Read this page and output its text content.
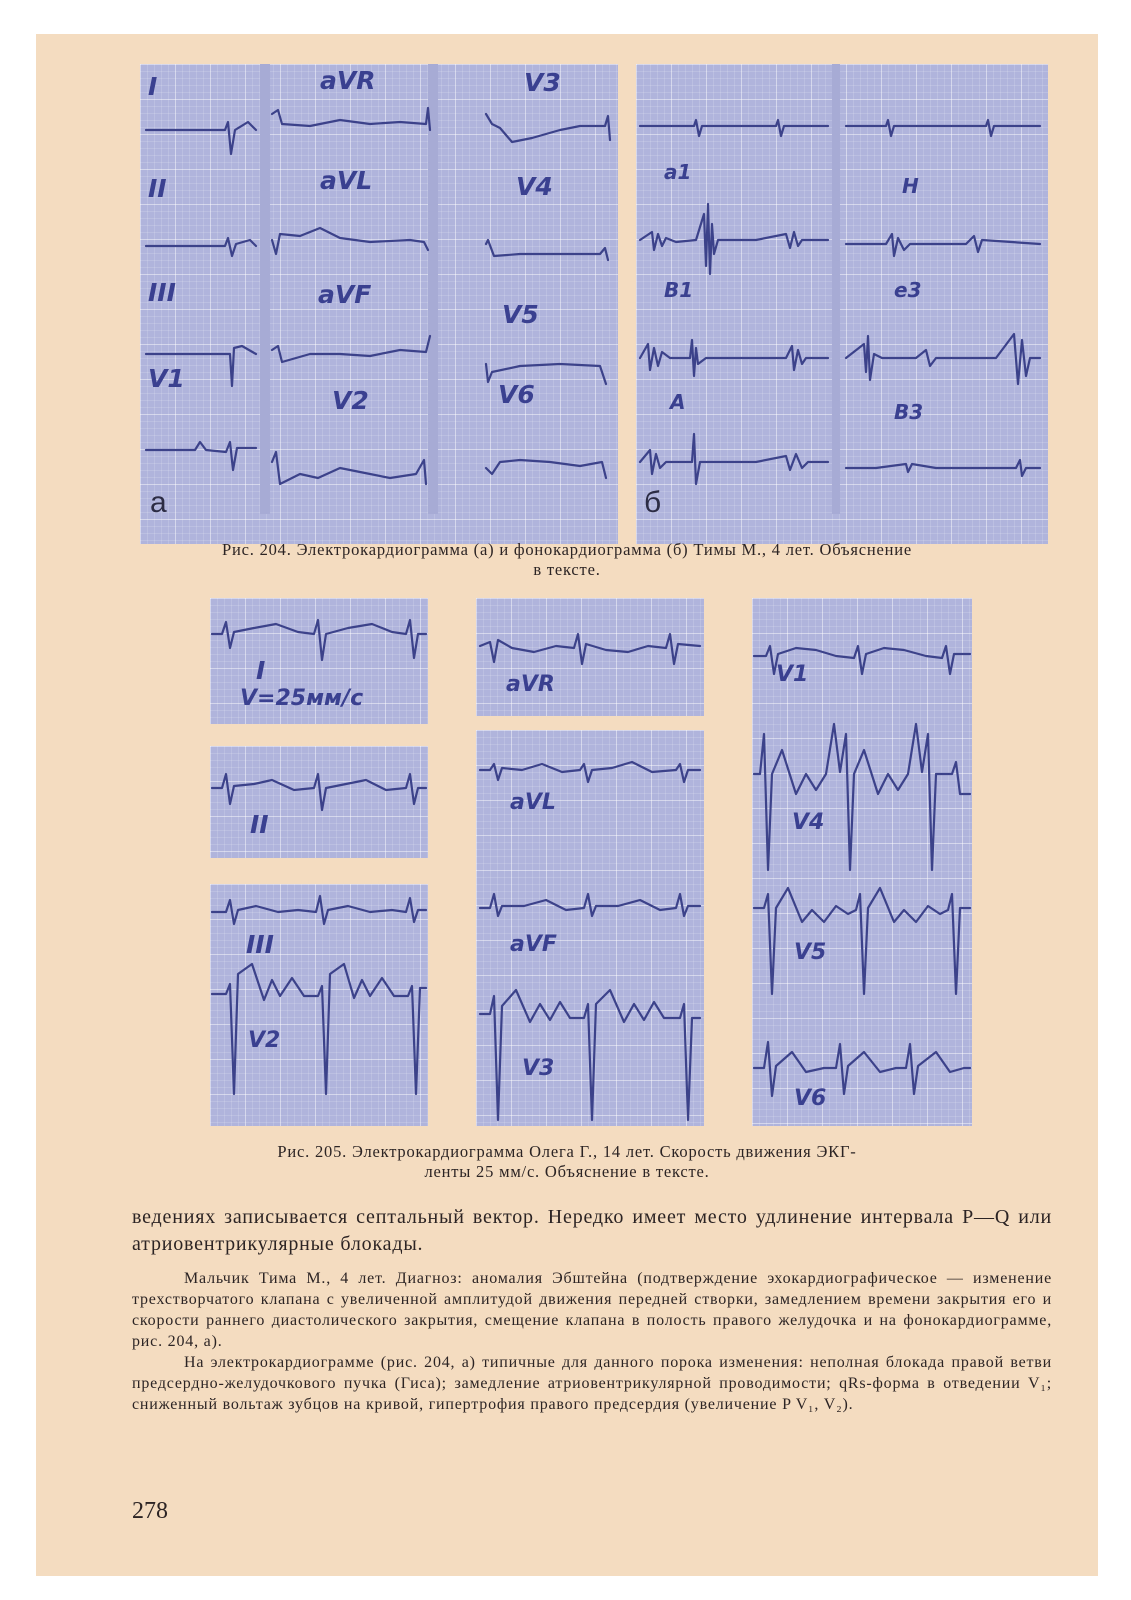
I	aVR	V3
II	aVL	V4
III	aVF
V5
V1
V2	V6
а
a1
H
B1	e3
A	B3
б

Рис. 204. Электрокардиограмма (а) и фонокардиограмма (б) Тимы М., 4 лет. Объяснение

в тексте.

I
V=25мм/с
aVR	V1
II
aVL
V4
III	aVF	V5
V2
V3
V6

Рис. 205. Электрокардиограмма Олега Г., 14 лет. Скорость движения ЭКГ-

ленты 25 мм/с. Объяснение в тексте.

ведениях записывается септальный вектор. Нередко имеет место удлинение интервала P—Q или атриовентрикулярные блокады.

Мальчик Тима М., 4 лет. Диагноз: аномалия Эбштейна (подтверждение эхокардиографическое — изменение трехстворчатого клапана с увеличенной амплитудой движения передней створки, замедлением времени закрытия его и скорости раннего диастолического закрытия, смещение клапана в полость правого желудочка и на фонокардиограмме, рис. 204, а).

На электрокардиограмме (рис. 204, а) типичные для данного порока изменения: неполная блокада правой ветви предсердно-желудочкового пучка (Гиса); замедление атриовентрикулярной проводимости; qRs-форма в отведении V₁; сниженный вольтаж зубцов на кривой, гипертрофия правого предсердия (увеличение P V₁, V₂).

278
